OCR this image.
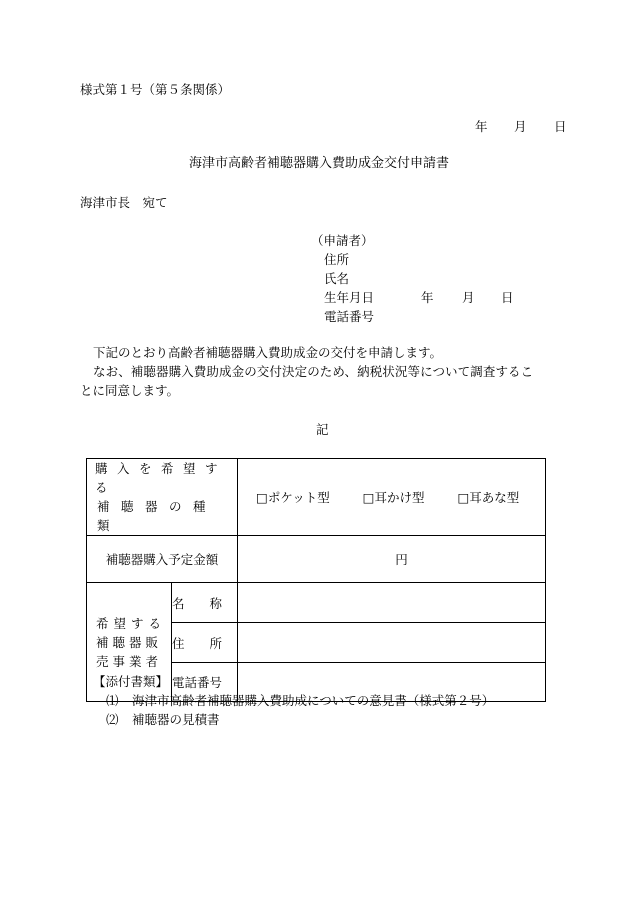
様式第１号（第５条関係）
年 月 日
海津市高齢者補聴器購入費助成金交付申請書
海津市長　宛て
（申請者）
住所
氏名
生年月日	年 月 日
電話番号
下記のとおり高齢者補聴器購入費助成金の交付を申請します。
なお、補聴器購入費助成金の交付決定のため、納税状況等について調査するこ
とに同意します。
記
購入を希望する
補聴器の種類		□ポケット型 □耳かけ型 □耳あな型

補聴器購入予定金額		円

希望する
補聴器販
売事業者	名　　称	
	住　　所	
	電話番号	
【添付書類】
⑴ 海津市高齢者補聴器購入費助成についての意見書（様式第２号）
⑵ 補聴器の見積書
